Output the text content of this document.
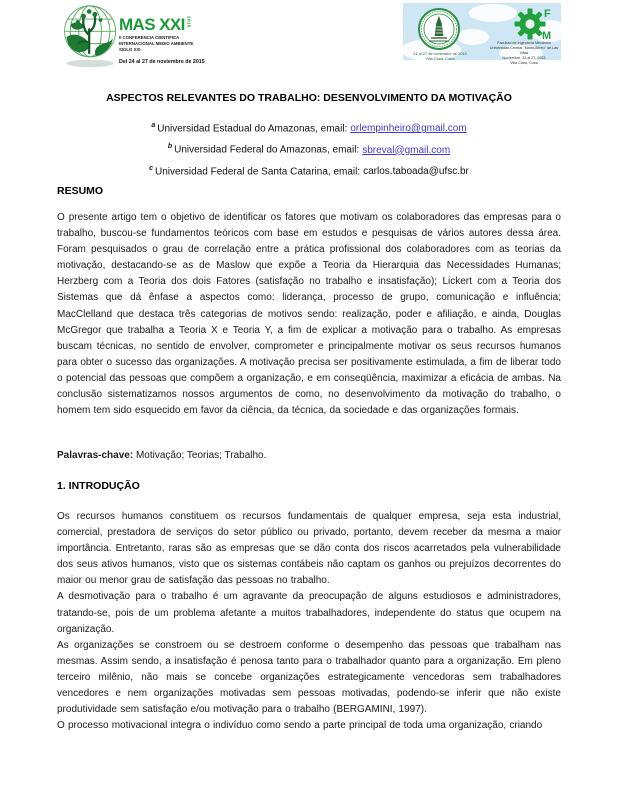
MAS XXI 2015
II CONFERENCIA CIENTIFICA
INTERNACIONAL MEDIO AMBIENTE
SIGLO XXI
Del 24 al 27 de noviembre de 2015
24 al 27 de noviembre de 2015
Villa Clara, Cuba
F
I
M
Facultad de Ingeniería Mecánica
Universidad Central "Marta Abreu" de Las Villas
Noviembre, 24 al 27, 2015
Villa Clara, Cuba
ASPECTOS RELEVANTES DO TRABALHO: DESENVOLVIMENTO DA MOTIVAÇÃO
$^a$ Universidad Estadual do Amazonas, email: orlempinheiro@gmail.com
$^b$ Universidad Federal do Amazonas, email: sbreval@gmail.com
$^c$ Universidad Federal de Santa Catarina, email: carlos.taboada@ufsc.br
RESUMO

O presente artigo tem o objetivo de identificar os fatores que motivam os colaboradores das empresas para o trabalho, buscou-se fundamentos teóricos com base em estudos e pesquisas de vários autores dessa área. Foram pesquisados o grau de correlação entre a prática profissional dos colaboradores com as teorias da motivação, destacando-se as de Maslow que expõe a Teoria da Hierarquia das Necessidades Humanas; Herzberg com a Teoria dos dois Fatores (satisfação no trabalho e insatisfação); Lickert com a Teoria dos Sistemas que dá ênfase a aspectos como: liderança, processo de grupo, comunicação e influência; MacClelland que destaca três categorias de motivos sendo: realização, poder e afiliação, e ainda, Douglas McGregor que trabalha a Teoria X e Teoria Y, a fim de explicar a motivação para o trabalho. As empresas buscam técnicas, no sentido de envolver, comprometer e principalmente motivar os seus recursos humanos para obter o sucesso das organizações. A motivação precisa ser positivamente estimulada, a fim de liberar todo o potencial das pessoas que compõem a organização, e em conseqüência, maximizar a eficácia de ambas. Na conclusão sistematizamos nossos argumentos de como, no desenvolvimento da motivação do trabalho, o homem tem sido esquecido em favor da ciência, da técnica, da sociedade e das organizações formais.

Palavras-chave: Motivação; Teorias; Trabalho.

1. INTRODUÇÃO

Os recursos humanos constituem os recursos fundamentais de qualquer empresa, seja esta industrial, comercial, prestadora de serviços do setor público ou privado, portanto, devem receber da mesma a maior importância. Entretanto, raras são as empresas que se dão conta dos riscos acarretados pela vulnerabilidade dos seus ativos humanos, visto que os sistemas contábeis não captam os ganhos ou prejuízos decorrentes do maior ou menor grau de satisfação das pessoas no trabalho.

A desmotivação para o trabalho é um agravante da preocupação de alguns estudiosos e administradores, tratando-se, pois de um problema afetante a muitos trabalhadores, independente do status que ocupem na organização.

As organizações se constroem ou se destroem conforme o desempenho das pessoas que trabalham nas mesmas. Assim sendo, a insatisfação é penosa tanto para o trabalhador quanto para a organização. Em pleno terceiro milênio, não mais se concebe organizações estrategicamente vencedoras sem trabalhadores vencedores e nem organizações motivadas sem pessoas motivadas, podendo-se inferir que não existe produtividade sem satisfação e/ou motivação para o trabalho (BERGAMINI, 1997).

O processo motivacional integra o indivíduo como sendo a parte principal de toda uma organização, criando
